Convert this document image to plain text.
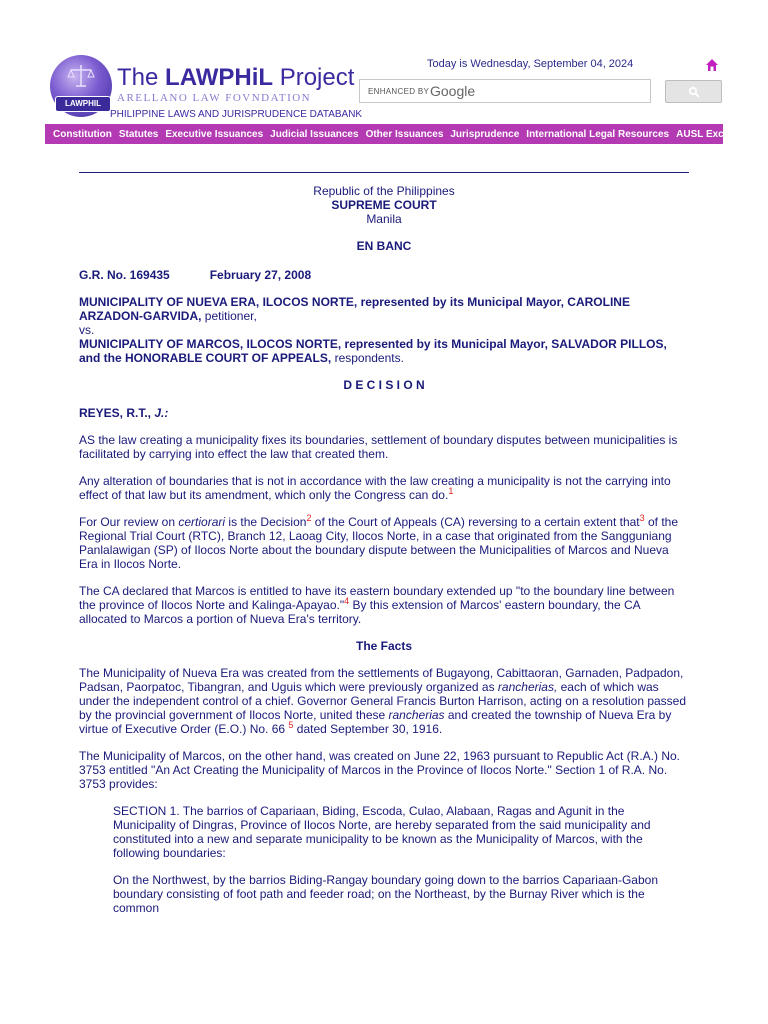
LAWPHIL
The LAWPHiL Project
ARELLANO LAW FOVNDATION
PHILIPPINE LAWS AND JURISPRUDENCE DATABANK
Today is Wednesday, September 04, 2024
ENHANCED BY Google
Constitution Statutes Executive Issuances Judicial Issuances Other Issuances Jurisprudence International Legal Resources AUSL Exclusive
Republic of the Philippines
SUPREME COURT
Manila
EN BANC
G.R. No. 169435	February 27, 2008

MUNICIPALITY OF NUEVA ERA, ILOCOS NORTE, represented by its Municipal Mayor, CAROLINE ARZADON-GARVIDA, petitioner,

vs.

MUNICIPALITY OF MARCOS, ILOCOS NORTE, represented by its Municipal Mayor, SALVADOR PILLOS, and the HONORABLE COURT OF APPEALS, respondents.

D E C I S I O N

REYES, R.T., J.:

AS the law creating a municipality fixes its boundaries, settlement of boundary disputes between municipalities is facilitated by carrying into effect the law that created them.

Any alteration of boundaries that is not in accordance with the law creating a municipality is not the carrying into effect of that law but its amendment, which only the Congress can do.$^1$

For Our review on certiorari is the Decision$^2$ of the Court of Appeals (CA) reversing to a certain extent that$^3$ of the Regional Trial Court (RTC), Branch 12, Laoag City, Ilocos Norte, in a case that originated from the Sangguniang Panlalawigan (SP) of Ilocos Norte about the boundary dispute between the Municipalities of Marcos and Nueva Era in Ilocos Norte.

The CA declared that Marcos is entitled to have its eastern boundary extended up "to the boundary line between the province of Ilocos Norte and Kalinga-Apayao."$^4$ By this extension of Marcos' eastern boundary, the CA allocated to Marcos a portion of Nueva Era's territory.

The Facts

The Municipality of Nueva Era was created from the settlements of Bugayong, Cabittaoran, Garnaden, Padpadon, Padsan, Paorpatoc, Tibangran, and Uguis which were previously organized as rancherias, each of which was under the independent control of a chief. Governor General Francis Burton Harrison, acting on a resolution passed by the provincial government of Ilocos Norte, united these rancherias and created the township of Nueva Era by virtue of Executive Order (E.O.) No. 66 $^5$ dated September 30, 1916.

The Municipality of Marcos, on the other hand, was created on June 22, 1963 pursuant to Republic Act (R.A.) No. 3753 entitled "An Act Creating the Municipality of Marcos in the Province of Ilocos Norte." Section 1 of R.A. No. 3753 provides:

SECTION 1. The barrios of Capariaan, Biding, Escoda, Culao, Alabaan, Ragas and Agunit in the Municipality of Dingras, Province of Ilocos Norte, are hereby separated from the said municipality and constituted into a new and separate municipality to be known as the Municipality of Marcos, with the following boundaries:

On the Northwest, by the barrios Biding-Rangay boundary going down to the barrios Capariaan-Gabon boundary consisting of foot path and feeder road; on the Northeast, by the Burnay River which is the common
